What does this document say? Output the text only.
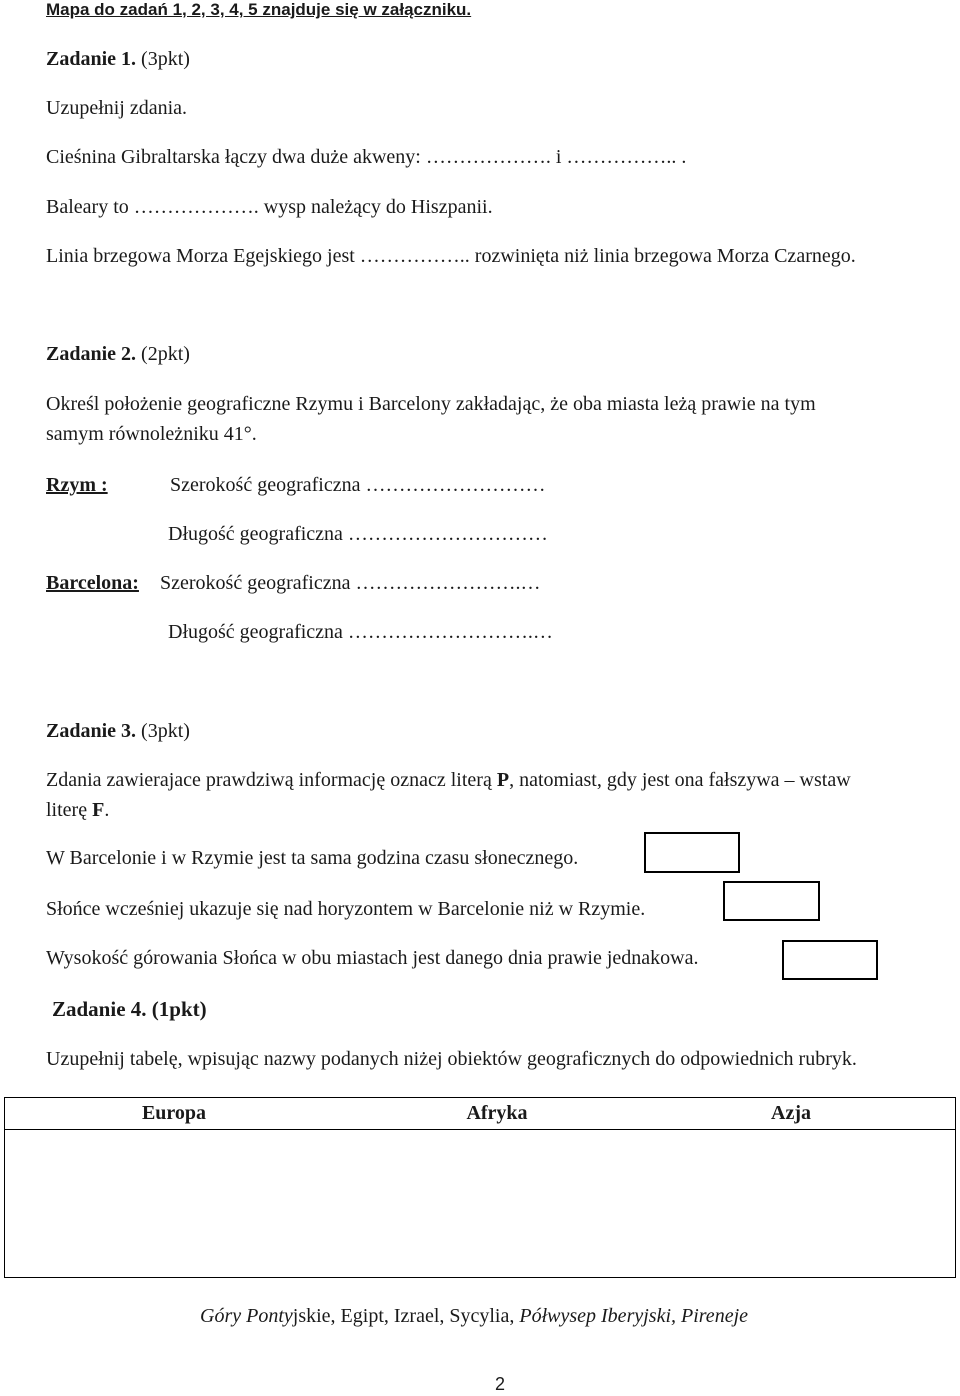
Mapa do zadań 1, 2, 3, 4, 5 znajduje się w załączniku.
Zadanie 1. (3pkt)
Uzupełnij zdania.
Cieśnina Gibraltarska łączy dwa duże akweny: ………………. i …………….. .
Baleary to ………………. wysp należący do Hiszpanii.
Linia brzegowa Morza Egejskiego jest …………….. rozwinięta niż linia brzegowa Morza Czarnego.
Zadanie 2. (2pkt)
Określ położenie geograficzne Rzymu i Barcelony zakładając, że oba miasta leżą prawie na tym
samym równoleżniku 41°.
Rzym :	Szerokość geograficzna ………………………
Długość geograficzna …………………………
Barcelona: Szerokość geograficzna …………………….…
Długość geograficzna ……………………….…
Zadanie 3. (3pkt)
Zdania zawierajace prawdziwą informację oznacz literą P, natomiast, gdy jest ona fałszywa – wstaw
literę F.
W Barcelonie i w Rzymie jest ta sama godzina czasu słonecznego.
Słońce wcześniej ukazuje się nad horyzontem w Barcelonie niż w Rzymie.
Wysokość górowania Słońca w obu miastach jest danego dnia prawie jednakowa.
Zadanie 4. (1pkt)
Uzupełnij tabelę, wpisując nazwy podanych niżej obiektów geograficznych do odpowiednich rubryk.
Europa	Afryka	Azja
Góry Pontyjskie, Egipt, Izrael, Sycylia, Półwysep Iberyjski, Pireneje
2
